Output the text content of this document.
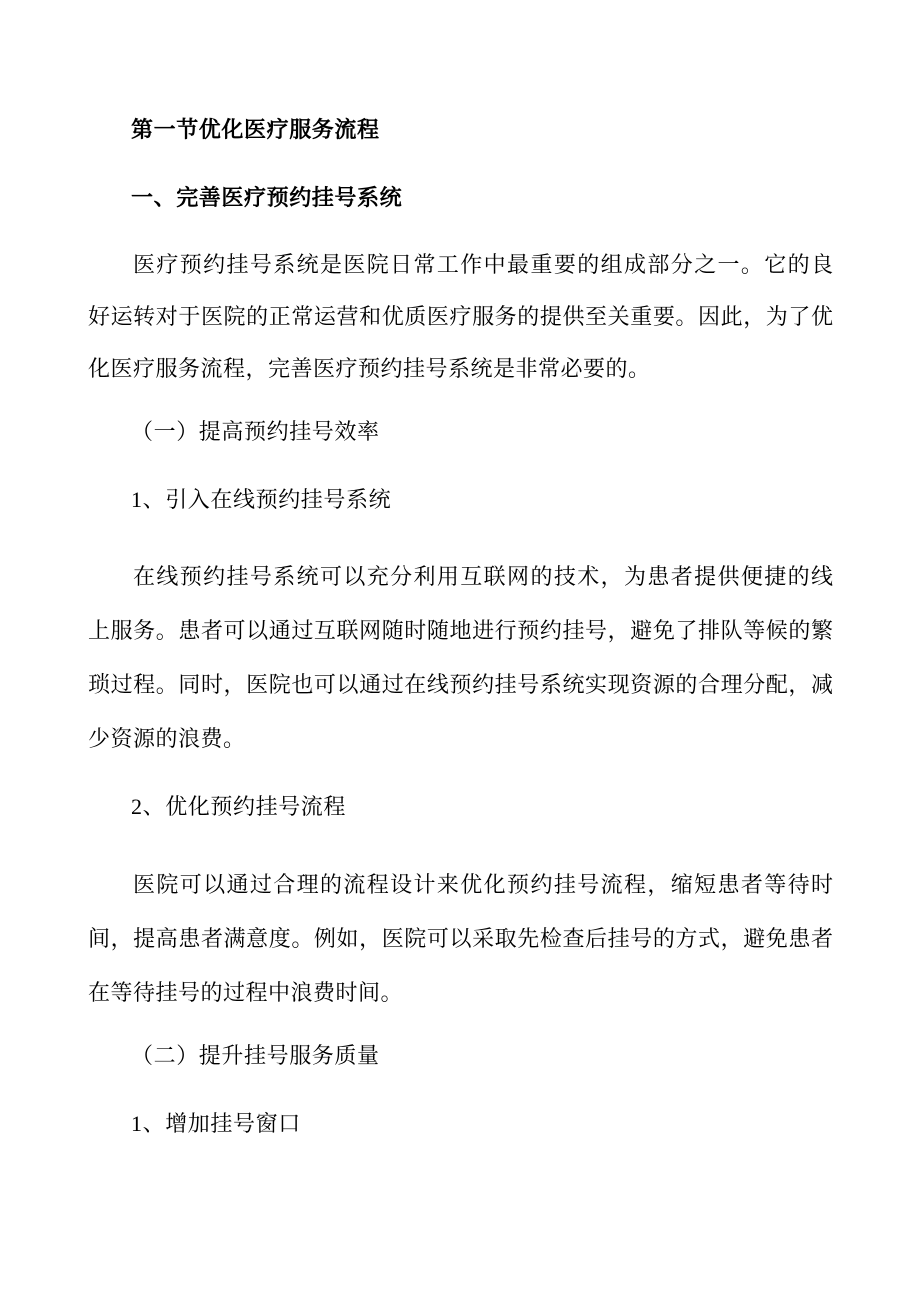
第一节优化医疗服务流程
一、完善医疗预约挂号系统
医疗预约挂号系统是医院日常工作中最重要的组成部分之一。它的良
好运转对于医院的正常运营和优质医疗服务的提供至关重要。因此，为了优
化医疗服务流程，完善医疗预约挂号系统是非常必要的。
（一）提高预约挂号效率
1、引入在线预约挂号系统
在线预约挂号系统可以充分利用互联网的技术，为患者提供便捷的线
上服务。患者可以通过互联网随时随地进行预约挂号，避免了排队等候的繁
琐过程。同时，医院也可以通过在线预约挂号系统实现资源的合理分配，减
少资源的浪费。
2、优化预约挂号流程
医院可以通过合理的流程设计来优化预约挂号流程，缩短患者等待时
间，提高患者满意度。例如，医院可以采取先检查后挂号的方式，避免患者
在等待挂号的过程中浪费时间。
（二）提升挂号服务质量
1、增加挂号窗口
